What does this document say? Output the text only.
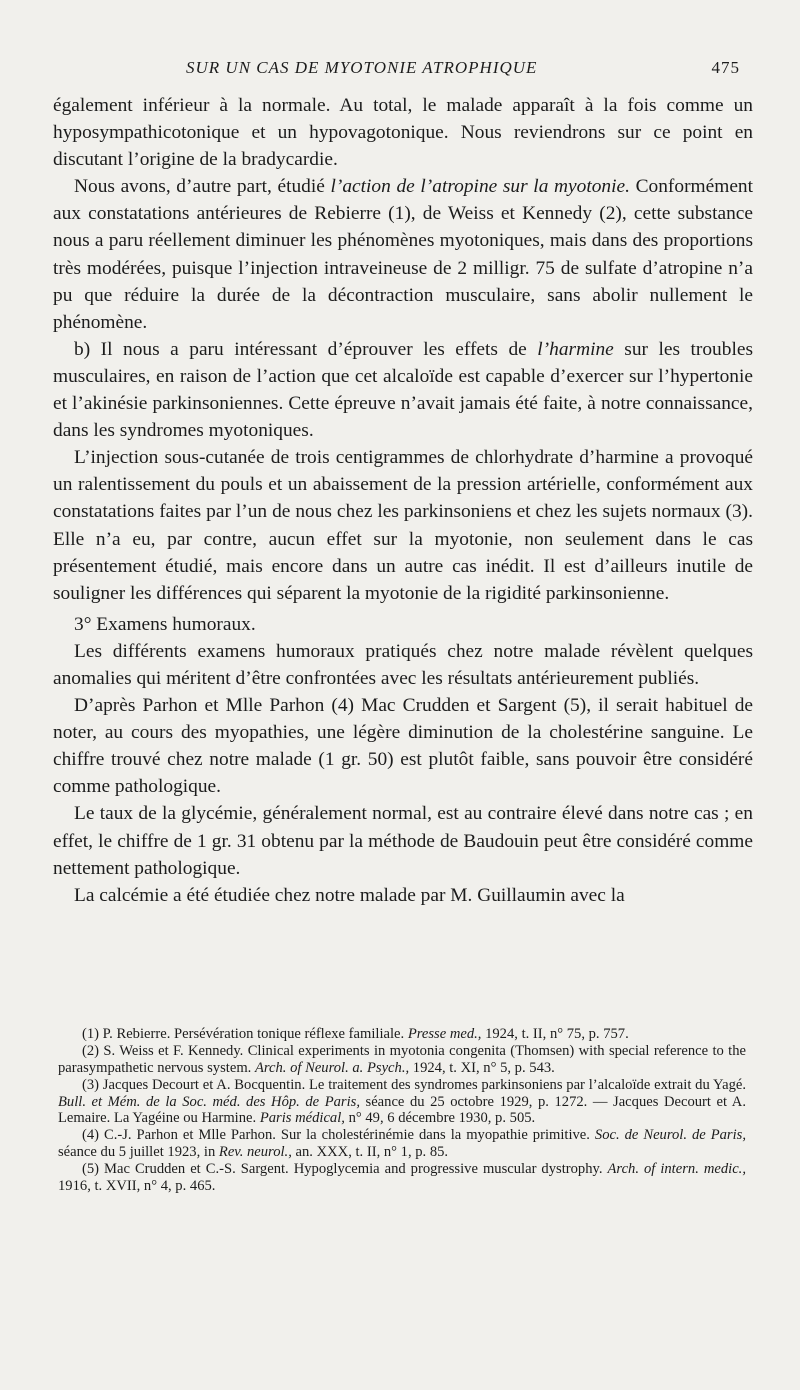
SUR UN CAS DE MYOTONIE ATROPHIQUE	475

également inférieur à la normale. Au total, le malade apparaît à la fois comme un hyposympathicotonique et un hypovagotonique. Nous reviendrons sur ce point en discutant l’origine de la bradycardie.

Nous avons, d’autre part, étudié l’action de l’atropine sur la myotonie. Conformément aux constatations antérieures de Rebierre (1), de Weiss et Kennedy (2), cette substance nous a paru réellement diminuer les phénomènes myotoniques, mais dans des proportions très modérées, puisque l’injection intraveineuse de 2 milligr. 75 de sulfate d’atropine n’a pu que réduire la durée de la décontraction musculaire, sans abolir nullement le phénomène.

b) Il nous a paru intéressant d’éprouver les effets de l’harmine sur les troubles musculaires, en raison de l’action que cet alcaloïde est capable d’exercer sur l’hypertonie et l’akinésie parkinsoniennes. Cette épreuve n’avait jamais été faite, à notre connaissance, dans les syndromes myotoniques.

L’injection sous-cutanée de trois centigrammes de chlorhydrate d’harmine a provoqué un ralentissement du pouls et un abaissement de la pression artérielle, conformément aux constatations faites par l’un de nous chez les parkinsoniens et chez les sujets normaux (3). Elle n’a eu, par contre, aucun effet sur la myotonie, non seulement dans le cas présentement étudié, mais encore dans un autre cas inédit. Il est d’ailleurs inutile de souligner les différences qui séparent la myotonie de la rigidité parkinsonienne.

3° Examens humoraux.

Les différents examens humoraux pratiqués chez notre malade révèlent quelques anomalies qui méritent d’être confrontées avec les résultats antérieurement publiés.

D’après Parhon et Mlle Parhon (4) Mac Crudden et Sargent (5), il serait habituel de noter, au cours des myopathies, une légère diminution de la cholestérine sanguine. Le chiffre trouvé chez notre malade (1 gr. 50) est plutôt faible, sans pouvoir être considéré comme pathologique.

Le taux de la glycémie, généralement normal, est au contraire élevé dans notre cas ; en effet, le chiffre de 1 gr. 31 obtenu par la méthode de Baudouin peut être considéré comme nettement pathologique.

La calcémie a été étudiée chez notre malade par M. Guillaumin avec la

(1) P. Rebierre. Persévération tonique réflexe familiale. Presse med., 1924, t. II, n° 75, p. 757.

(2) S. Weiss et F. Kennedy. Clinical experiments in myotonia congenita (Thomsen) with special reference to the parasympathetic nervous system. Arch. of Neurol. a. Psych., 1924, t. XI, n° 5, p. 543.

(3) Jacques Decourt et A. Bocquentin. Le traitement des syndromes parkinsoniens par l’alcaloïde extrait du Yagé. Bull. et Mém. de la Soc. méd. des Hôp. de Paris, séance du 25 octobre 1929, p. 1272. — Jacques Decourt et A. Lemaire. La Yagéine ou Harmine. Paris médical, n° 49, 6 décembre 1930, p. 505.

(4) C.-J. Parhon et Mlle Parhon. Sur la cholestérinémie dans la myopathie primitive. Soc. de Neurol. de Paris, séance du 5 juillet 1923, in Rev. neurol., an. XXX, t. II, n° 1, p. 85.

(5) Mac Crudden et C.-S. Sargent. Hypoglycemia and progressive muscular dystrophy. Arch. of intern. medic., 1916, t. XVII, n° 4, p. 465.
